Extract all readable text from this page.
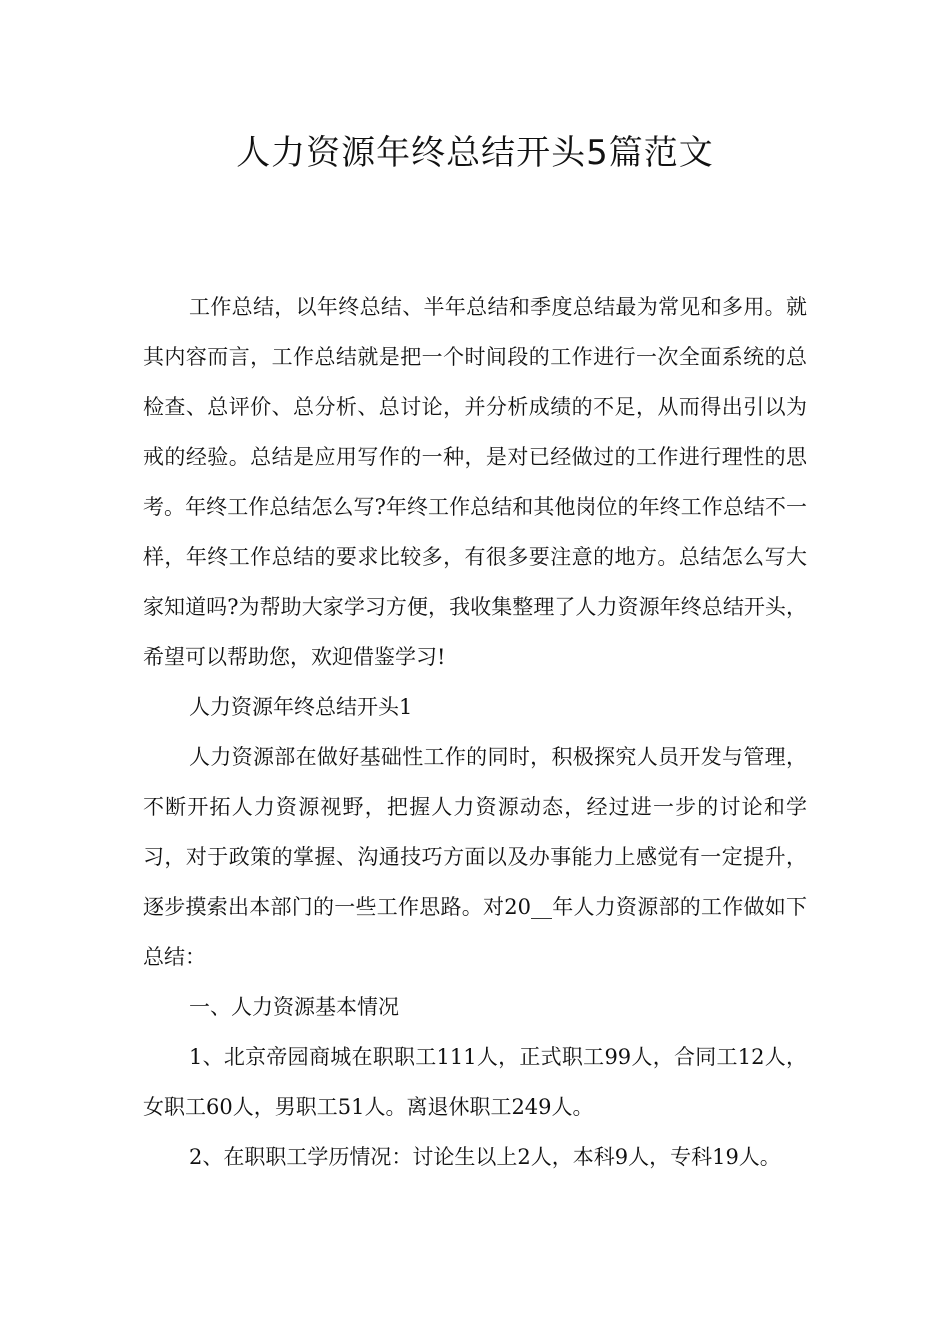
人力资源年终总结开头5篇范文

工作总结，以年终总结、半年总结和季度总结最为常见和多用。就其内容而言，工作总结就是把一个时间段的工作进行一次全面系统的总检查、总评价、总分析、总讨论，并分析成绩的不足，从而得出引以为戒的经验。总结是应用写作的一种，是对已经做过的工作进行理性的思考。年终工作总结怎么写?年终工作总结和其他岗位的年终工作总结不一样，年终工作总结的要求比较多，有很多要注意的地方。总结怎么写大家知道吗?为帮助大家学习方便，我收集整理了人力资源年终总结开头，希望可以帮助您，欢迎借鉴学习!

人力资源年终总结开头1

人力资源部在做好基础性工作的同时，积极探究人员开发与管理，不断开拓人力资源视野，把握人力资源动态，经过进一步的讨论和学习，对于政策的掌握、沟通技巧方面以及办事能力上感觉有一定提升，逐步摸索出本部门的一些工作思路。对20__年人力资源部的工作做如下总结：

一、人力资源基本情况

1、北京帝园商城在职职工111人，正式职工99人，合同工12人，女职工60人，男职工51人。离退休职工249人。

2、在职职工学历情况：讨论生以上2人，本科9人，专科19人。
